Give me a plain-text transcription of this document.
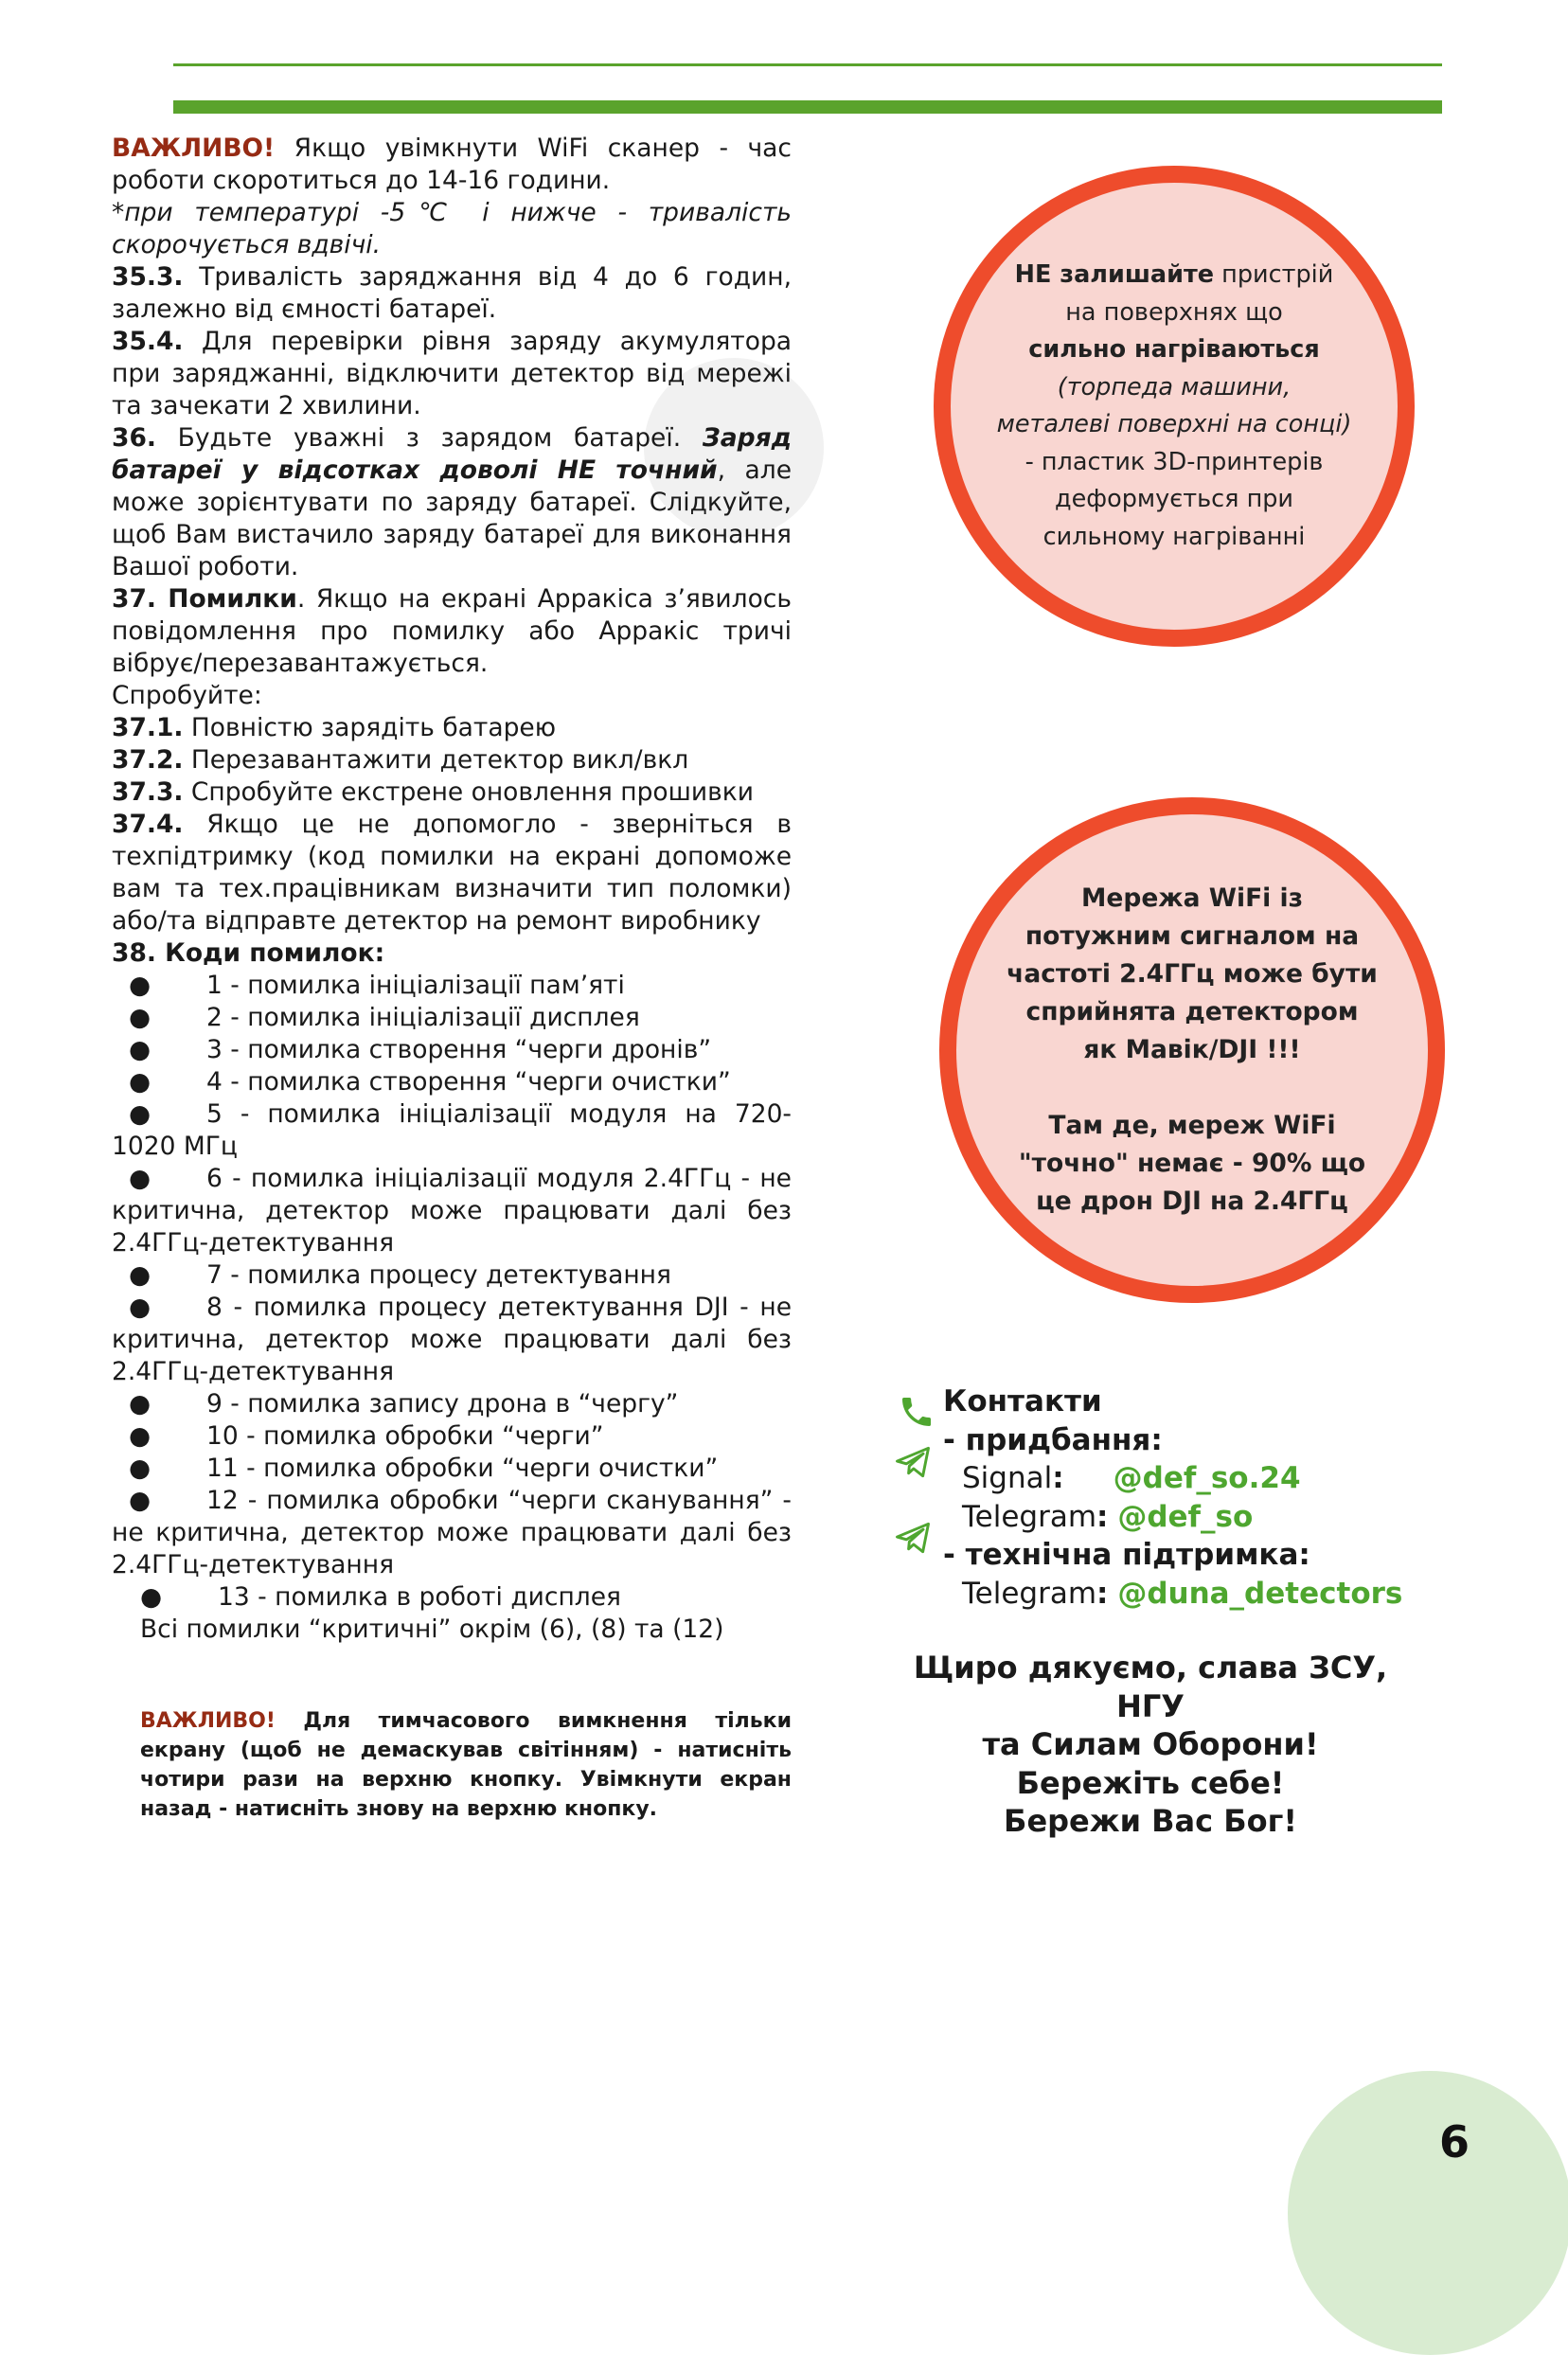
ВАЖЛИВО! Якщо увімкнути WiFi сканер - час роботи скоротиться до 14-16 години.

*при температурі -5℃ і нижче - тривалість скорочується вдвічі.

35.3. Тривалість заряджання від 4 до 6 годин, залежно від ємності батареї.

35.4. Для перевірки рівня заряду акумулятора при заряджанні, відключити детектор від мережі та зачекати 2 хвилини.

36. Будьте уважні з зарядом батареї. Заряд батареї у відсотках доволі НЕ точний, але може зорієнтувати по заряду батареї. Слідкуйте, щоб Вам вистачило заряду батареї для виконання Вашої роботи.

37. Помилки. Якщо на екрані Арракіса з’явилось повідомлення про помилку або Арракіс тричі вібрує/перезавантажується.

Спробуйте:

37.1. Повністю зарядіть батарею

37.2. Перезавантажити детектор викл/вкл

37.3. Спробуйте екстрене оновлення прошивки

37.4. Якщо це не допомогло - зверніться в техпідтримку (код помилки на екрані допоможе вам та тех.працівникам визначити тип поломки) або/та відправте детектор на ремонт виробнику

38. Коди помилок:

●	1 - помилка ініціалізації пам’яті
●	2 - помилка ініціалізації дисплея
●	3 - помилка створення “черги дронів”
●	4 - помилка створення “черги очистки”

● 5 - помилка ініціалізації модуля на 720-1020 МГц

● 6 - помилка ініціалізації модуля 2.4ГГц - не критична, детектор може працювати далі без 2.4ГГц-детектування

●	7 - помилка процесу детектування

● 8 - помилка процесу детектування DJI - не критична, детектор може працювати далі без 2.4ГГц-детектування

●	9 - помилка запису дрона в “чергу”
●	10 - помилка обробки “черги”
●	11 - помилка обробки “черги очистки”

● 12 - помилка обробки “черги сканування” - не критична, детектор може працювати далі без 2.4ГГц-детектування

●	13 - помилка в роботі дисплея

Всі помилки “критичні” окрім (6), (8) та (12)

ВАЖЛИВО! Для тимчасового вимкнення тільки екрану (щоб не демаскував світінням) - натисніть чотири рази на верхню кнопку. Увімкнути екран назад - натисніть знову на верхню кнопку.
НЕ залишайте пристрій
на поверхнях що
сильно нагріваються
(торпеда машини,
металеві поверхні на сонці)
- пластик 3D-принтерів
деформується при
сильному нагріванні
Мережа WiFi із
потужним сигналом на
частоті 2.4ГГц може бути
сприйнята детектором
як Мавік/DJI !!!
Там де, мереж WiFi
"точно" немає - 90% що
це дрон DJI на 2.4ГГц
Контакти
- придбання:
Signal: @def_so.24
Telegram: @def_so
- технічна підтримка:
Telegram: @duna_detectors
Щиро дякуємо, слава ЗСУ, НГУ
та Силам Оборони!
Бережіть себе!
Бережи Вас Бог!
6
